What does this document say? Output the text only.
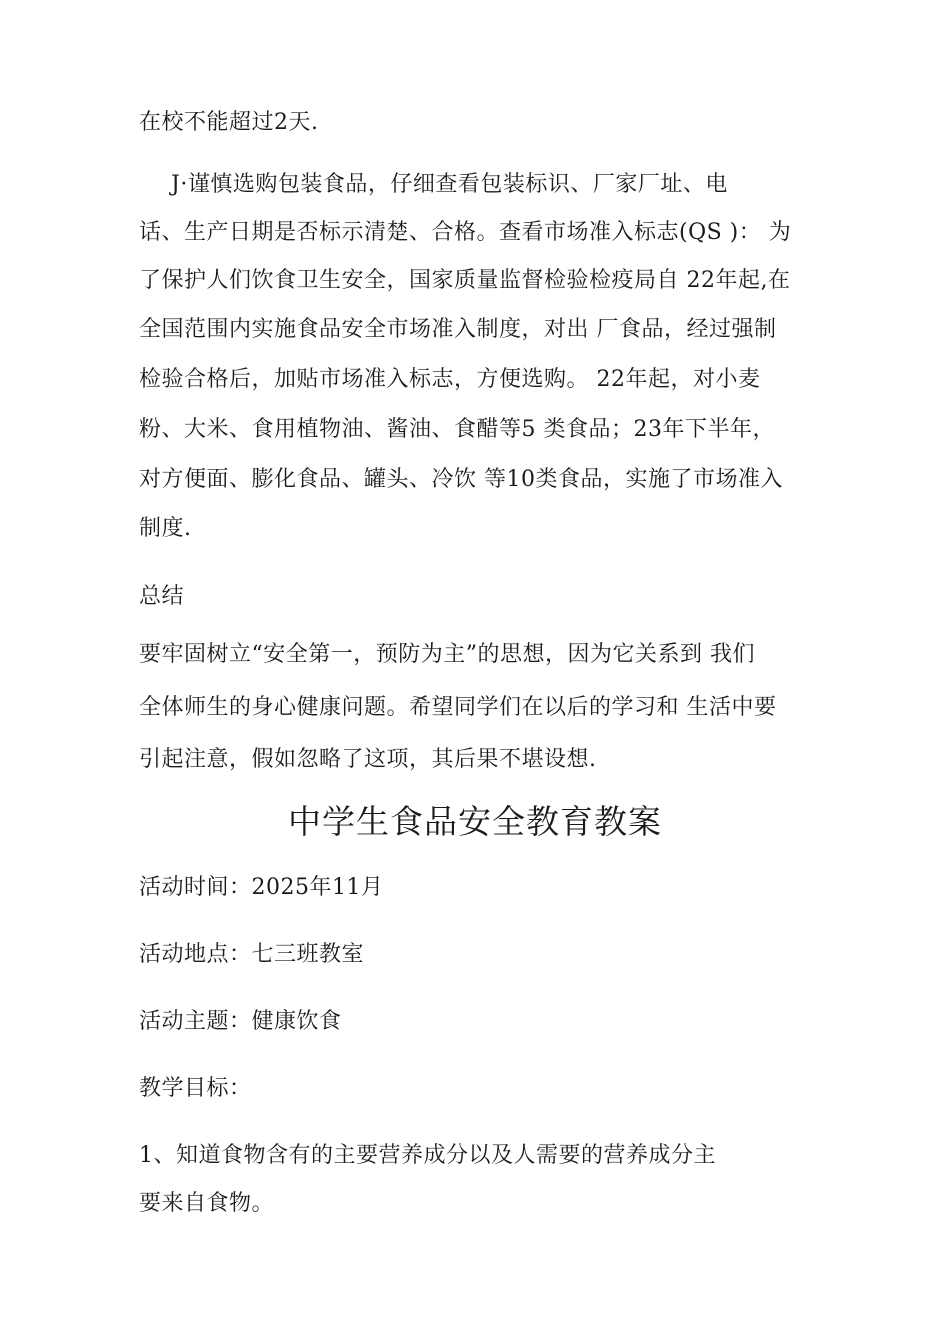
在校不能超过2天.
J·谨慎选购包装食品，仔细查看包装标识、厂家厂址、电
话、生产日期是否标示清楚、合格。查看市场准入标志(QS )： 为
了保护人们饮食卫生安全，国家质量监督检验检疫局自 22年起,在
全国范围内实施食品安全市场准入制度，对出 厂食品，经过强制
检验合格后，加贴市场准入标志，方便选购。 22年起，对小麦
粉、大米、食用植物油、酱油、食醋等5 类食品；23年下半年，
对方便面、膨化食品、罐头、冷饮 等10类食品，实施了市场准入
制度.
总结
要牢固树立“安全第一，预防为主”的思想，因为它关系到 我们
全体师生的身心健康问题。希望同学们在以后的学习和 生活中要
引起注意，假如忽略了这项，其后果不堪设想.
中学生食品安全教育教案
活动时间：2025年11月
活动地点：七三班教室
活动主题：健康饮食
教学目标：
1、知道食物含有的主要营养成分以及人需要的营养成分主
要来自食物。
